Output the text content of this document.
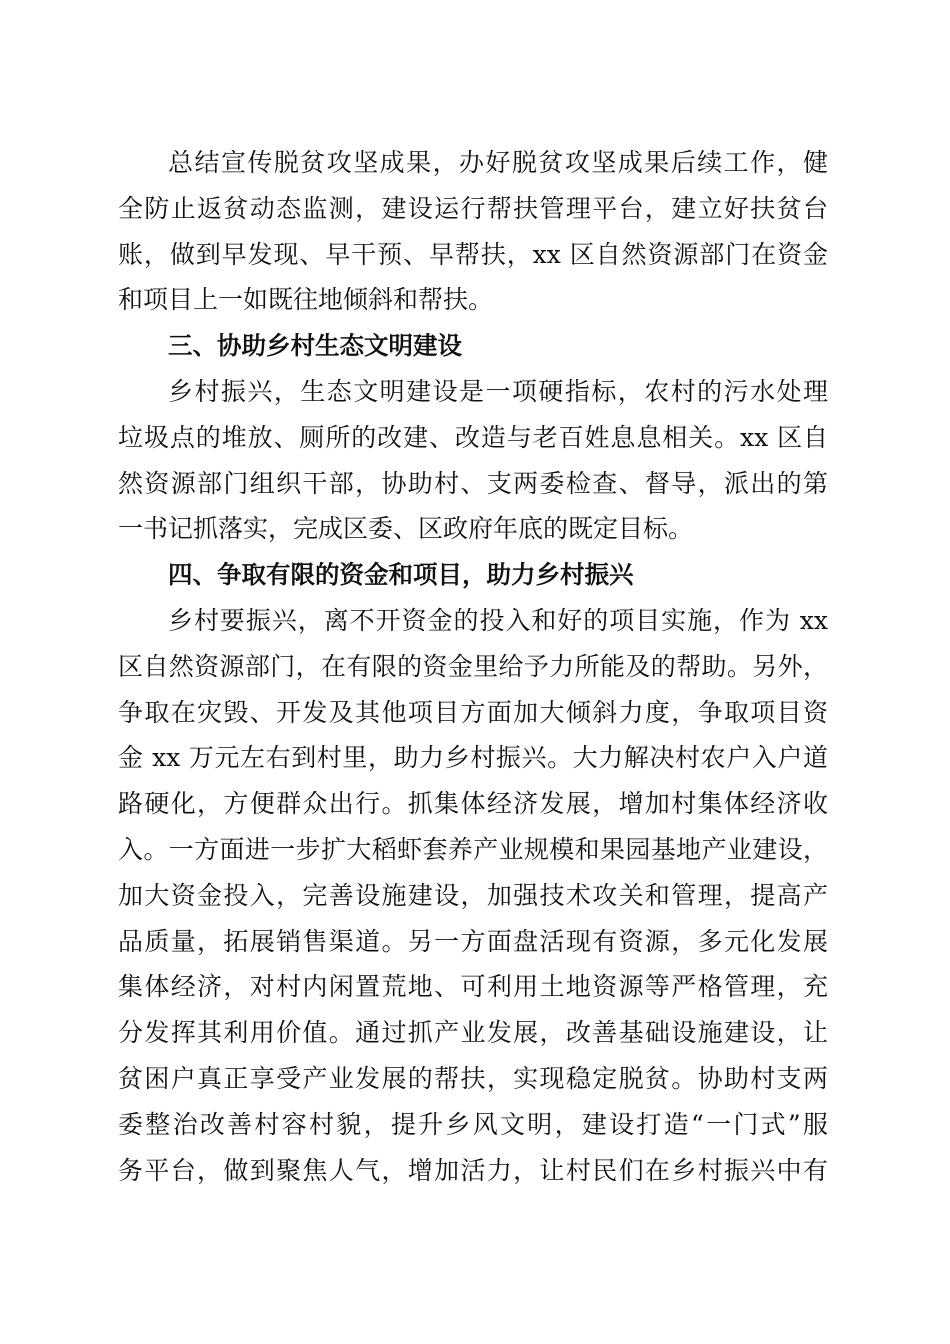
总结宣传脱贫攻坚成果，办好脱贫攻坚成果后续工作，健
全防止返贫动态监测，建设运行帮扶管理平台，建立好扶贫台
账，做到早发现、早干预、早帮扶，xx 区自然资源部门在资金
和项目上一如既往地倾斜和帮扶。
三、协助乡村生态文明建设
乡村振兴，生态文明建设是一项硬指标，农村的污水处理
垃圾点的堆放、厕所的改建、改造与老百姓息息相关。xx 区自
然资源部门组织干部，协助村、支两委检查、督导，派出的第
一书记抓落实，完成区委、区政府年底的既定目标。
四、争取有限的资金和项目，助力乡村振兴
乡村要振兴，离不开资金的投入和好的项目实施，作为 xx
区自然资源部门，在有限的资金里给予力所能及的帮助。另外，
争取在灾毁、开发及其他项目方面加大倾斜力度，争取项目资
金 xx 万元左右到村里，助力乡村振兴。大力解决村农户入户道
路硬化，方便群众出行。抓集体经济发展，增加村集体经济收
入。一方面进一步扩大稻虾套养产业规模和果园基地产业建设，
加大资金投入，完善设施建设，加强技术攻关和管理，提高产
品质量，拓展销售渠道。另一方面盘活现有资源，多元化发展
集体经济，对村内闲置荒地、可利用土地资源等严格管理，充
分发挥其利用价值。通过抓产业发展，改善基础设施建设，让
贫困户真正享受产业发展的帮扶，实现稳定脱贫。协助村支两
委整治改善村容村貌，提升乡风文明，建设打造“一门式”服
务平台，做到聚焦人气，增加活力，让村民们在乡村振兴中有
